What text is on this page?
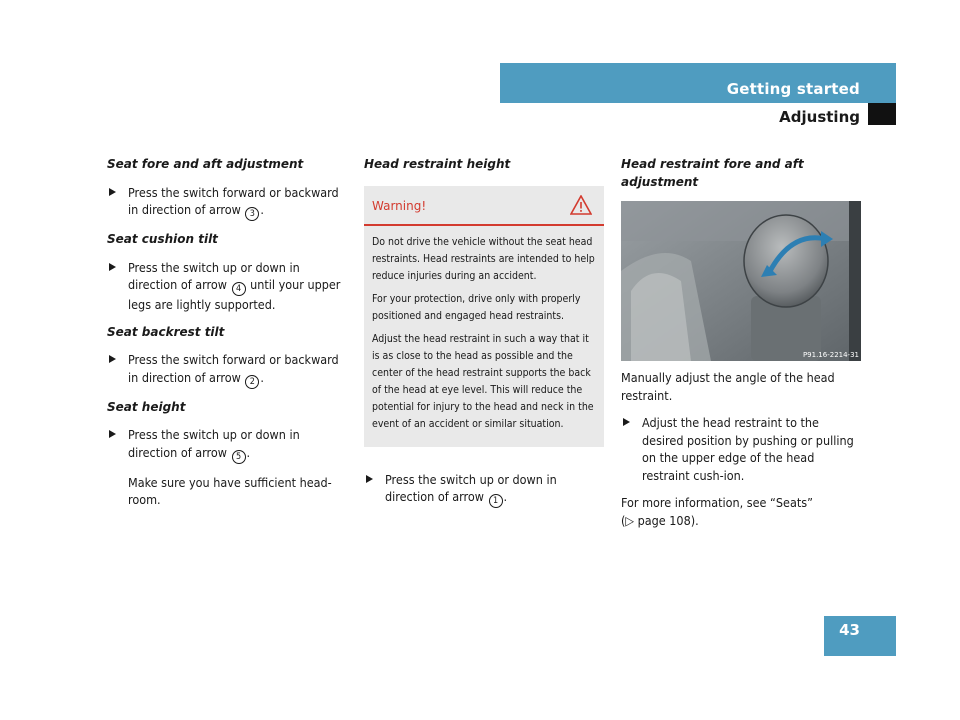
Getting started
Adjusting
Seat fore and aft adjustment
Press the switch forward or backward in direction of arrow 3 .
Seat cushion tilt
Press the switch up or down in direction of arrow 4 until your upper legs are lightly supported.
Seat backrest tilt
Press the switch forward or backward in direction of arrow 2 .
Seat height
Press the switch up or down in direction of arrow 5 .
Make sure you have sufficient head-room.
Head restraint height
Warning!

Do not drive the vehicle without the seat head restraints. Head restraints are intended to help reduce injuries during an accident.

For your protection, drive only with properly positioned and engaged head restraints.

Adjust the head restraint in such a way that it is as close to the head as possible and the center of the head restraint supports the back of the head at eye level. This will reduce the potential for injury to the head and neck in the event of an accident or similar situation.

Press the switch up or down in direction of arrow 1 .
Head restraint fore and aft adjustment
P91.16-2214-31
Manually adjust the angle of the head restraint.
Adjust the head restraint to the desired position by pushing or pulling on the upper edge of the head restraint cush-ion.
For more information, see “Seats”
(▷ page 108).
43
